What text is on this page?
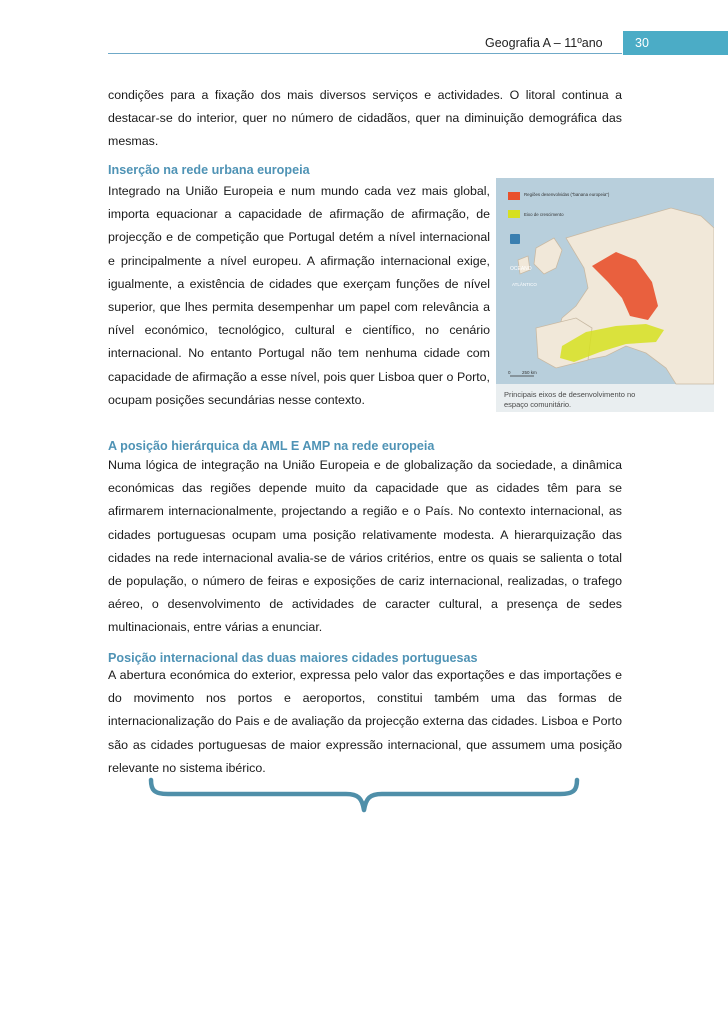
Geografia A – 11ºano	30

condições para a fixação dos mais diversos serviços e actividades. O litoral continua a destacar-se do interior, quer no número de cidadãos, quer na diminuição demográfica das mesmas.

Inserção na rede urbana europeia

Integrado na União Europeia e num mundo cada vez mais global, importa equacionar a capacidade de afirmação de afirmação, de projecção e de competição que Portugal detém a nível internacional e principalmente a nível europeu. A afirmação internacional exige, igualmente, a existência de cidades que exerçam funções de nível superior, que lhes permita desempenhar um papel com relevância a nível económico, tecnológico, cultural e científico, no cenário internacional. No entanto Portugal não tem nenhuma cidade com capacidade de afirmação a esse nível, pois quer Lisboa quer o Porto, ocupam posições secundárias nesse contexto.

Regiões desenvolvidas ("banana europeia")
Eixo de crescimento
OCEANO
ATLÂNTICO
0	250 km
Principais eixos de desenvolvimento no
espaço comunitário.
A posição hierárquica da AML E AMP na rede europeia

Numa lógica de integração na União Europeia e de globalização da sociedade, a dinâmica económicas das regiões depende muito da capacidade que as cidades têm para se afirmarem internacionalmente, projectando a região e o País. No contexto internacional, as cidades portuguesas ocupam uma posição relativamente modesta. A hierarquização das cidades na rede internacional avalia-se de vários critérios, entre os quais se salienta o total de população, o número de feiras e exposições de cariz internacional, realizadas, o trafego aéreo, o desenvolvimento de actividades de caracter cultural, a presença de sedes multinacionais, entre várias a enunciar.

Posição internacional das duas maiores cidades portuguesas

A abertura económica do exterior, expressa pelo valor das exportações e das importações e do movimento nos portos e aeroportos, constitui também uma das formas de internacionalização do Pais e de avaliação da projecção externa das cidades. Lisboa e Porto são as cidades portuguesas de maior expressão internacional, que assumem uma posição relevante no sistema ibérico.
